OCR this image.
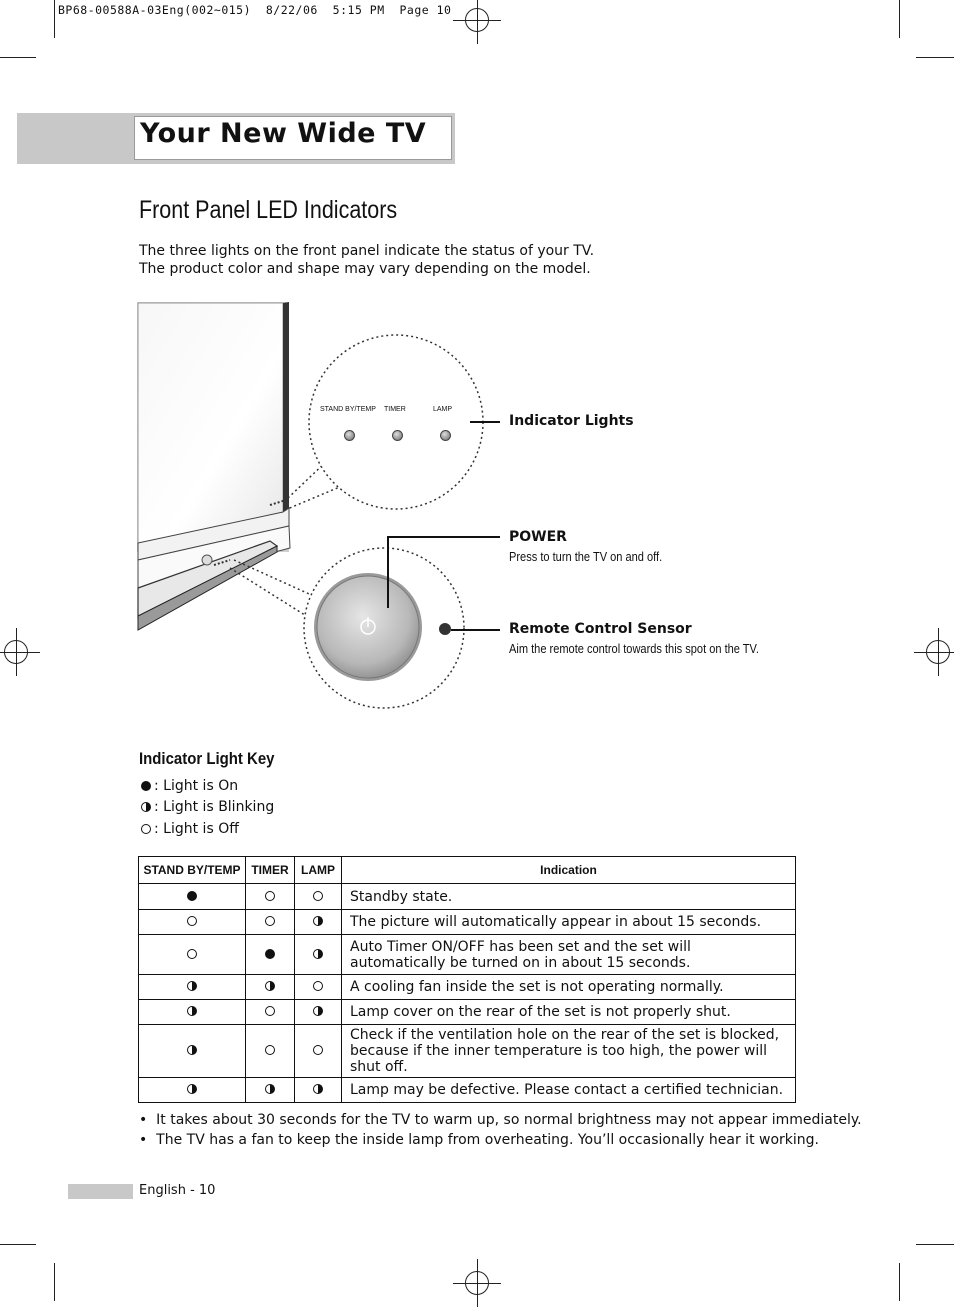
BP68-00588A-03Eng(002~015)  8/22/06  5:15 PM  Page 10
Your New Wide TV
Front Panel LED Indicators
The three lights on the front panel indicate the status of your TV.
The product color and shape may vary depending on the model.
STAND BY/TEMP TIMER	LAMP
Indicator Lights
POWER
Press to turn the TV on and off.
Remote Control Sensor
Aim the remote control towards this spot on the TV.
Indicator Light Key
: Light is On
: Light is Blinking
: Light is Off
STAND BY/TEMP	TIMER	LAMP	Indication
			Standby state.
			The picture will automatically appear in about 15 seconds.
			Auto Timer ON/OFF has been set and the set will automatically be turned on in about 15 seconds.
			A cooling fan inside the set is not operating normally.
			Lamp cover on the rear of the set is not properly shut.
			Check if the ventilation hole on the rear of the set is blocked, because if the inner temperature is too high, the power will shut off.
			Lamp may be defective. Please contact a certified technician.
•  It takes about 30 seconds for the TV to warm up, so normal brightness may not appear immediately.
•  The TV has a fan to keep the inside lamp from overheating. You’ll occasionally hear it working.
English - 10
